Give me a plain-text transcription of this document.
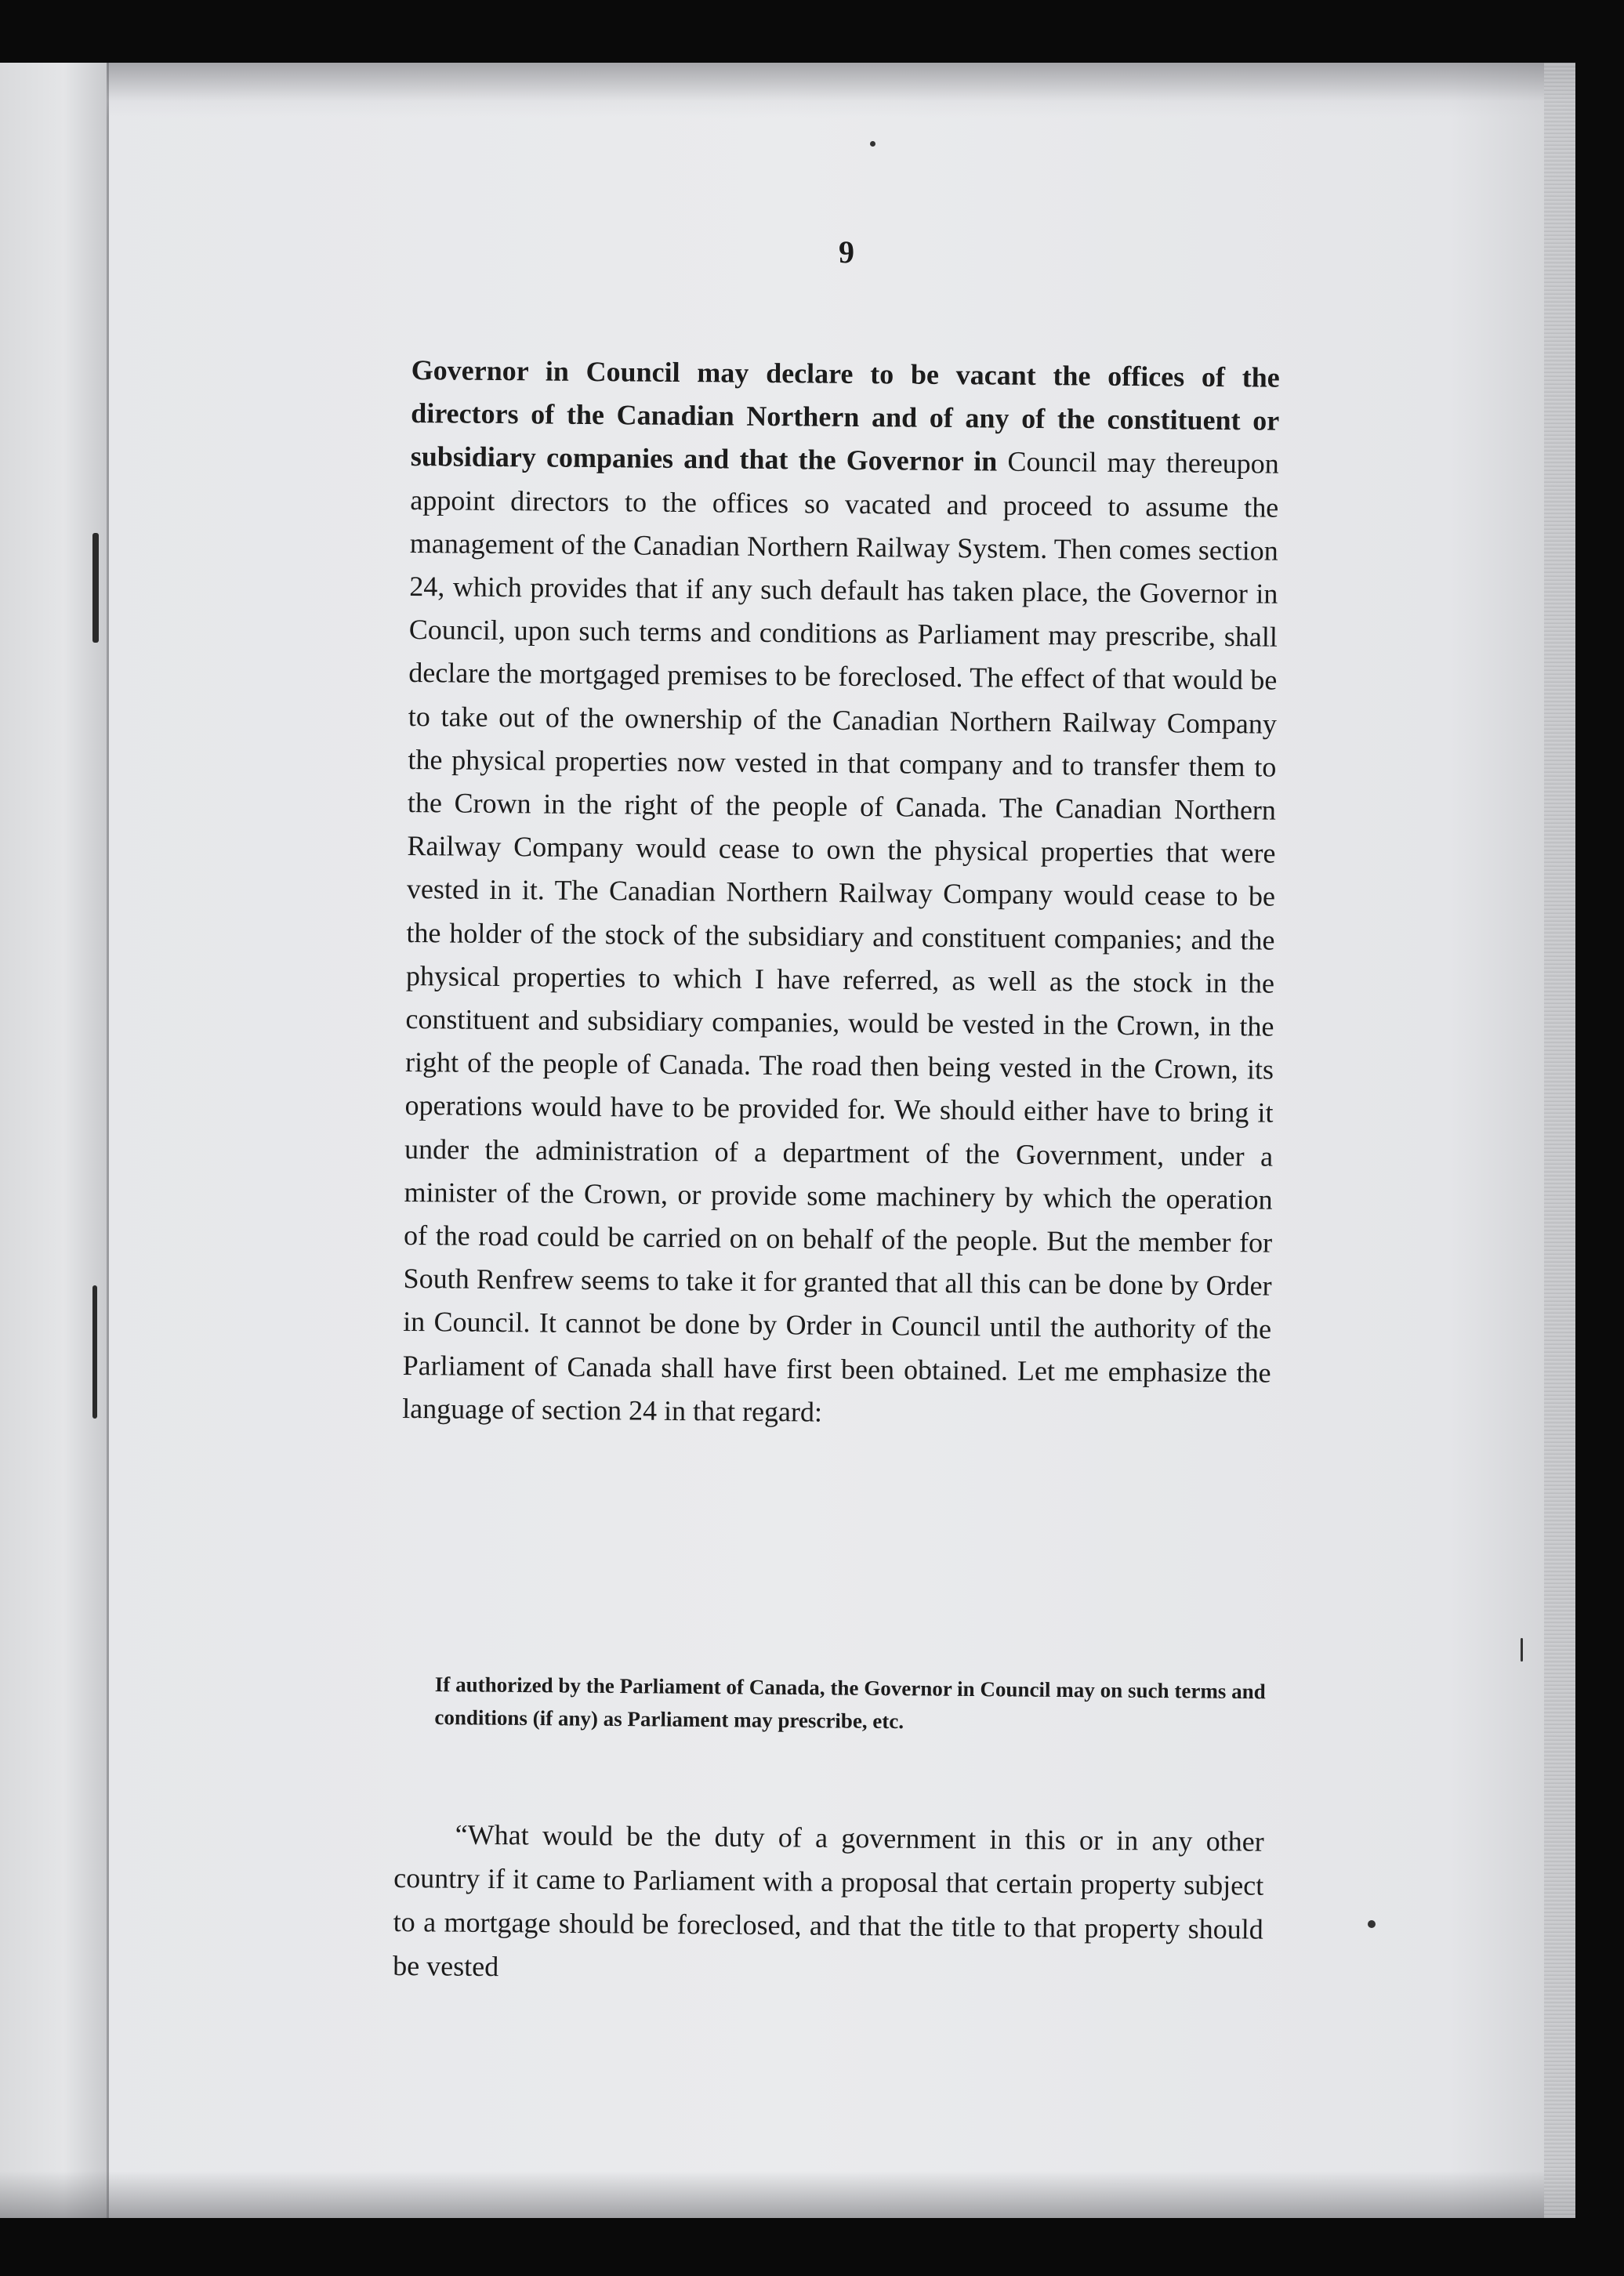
9
Governor in Council may declare to be vacant the offices of the directors of the Canadian Northern and of any of the constituent or subsidiary companies and that the Governor in Council may thereupon appoint directors to the offices so vacated and proceed to assume the management of the Canadian Northern Railway System. Then comes section 24, which provides that if any such default has taken place, the Governor in Council, upon such terms and conditions as Parliament may prescribe, shall declare the mortgaged premises to be foreclosed. The effect of that would be to take out of the ownership of the Canadian Northern Railway Company the physical properties now vested in that company and to transfer them to the Crown in the right of the people of Canada. The Canadian Northern Railway Company would cease to own the physical properties that were vested in it. The Canadian Northern Railway Company would cease to be the holder of the stock of the subsidiary and constituent companies; and the physical properties to which I have referred, as well as the stock in the constituent and subsidiary companies, would be vested in the Crown, in the right of the people of Canada. The road then being vested in the Crown, its operations would have to be provided for. We should either have to bring it under the administration of a department of the Government, under a minister of the Crown, or provide some machinery by which the operation of the road could be carried on on behalf of the people. But the member for South Renfrew seems to take it for granted that all this can be done by Order in Council. It cannot be done by Order in Council until the authority of the Parliament of Canada shall have first been obtained. Let me emphasize the language of section 24 in that regard:
If authorized by the Parliament of Canada, the Governor in Council may on such terms and conditions (if any) as Parliament may prescribe, etc.
“What would be the duty of a government in this or in any other country if it came to Parliament with a proposal that certain property subject to a mortgage should be foreclosed, and that the title to that property should be vested
